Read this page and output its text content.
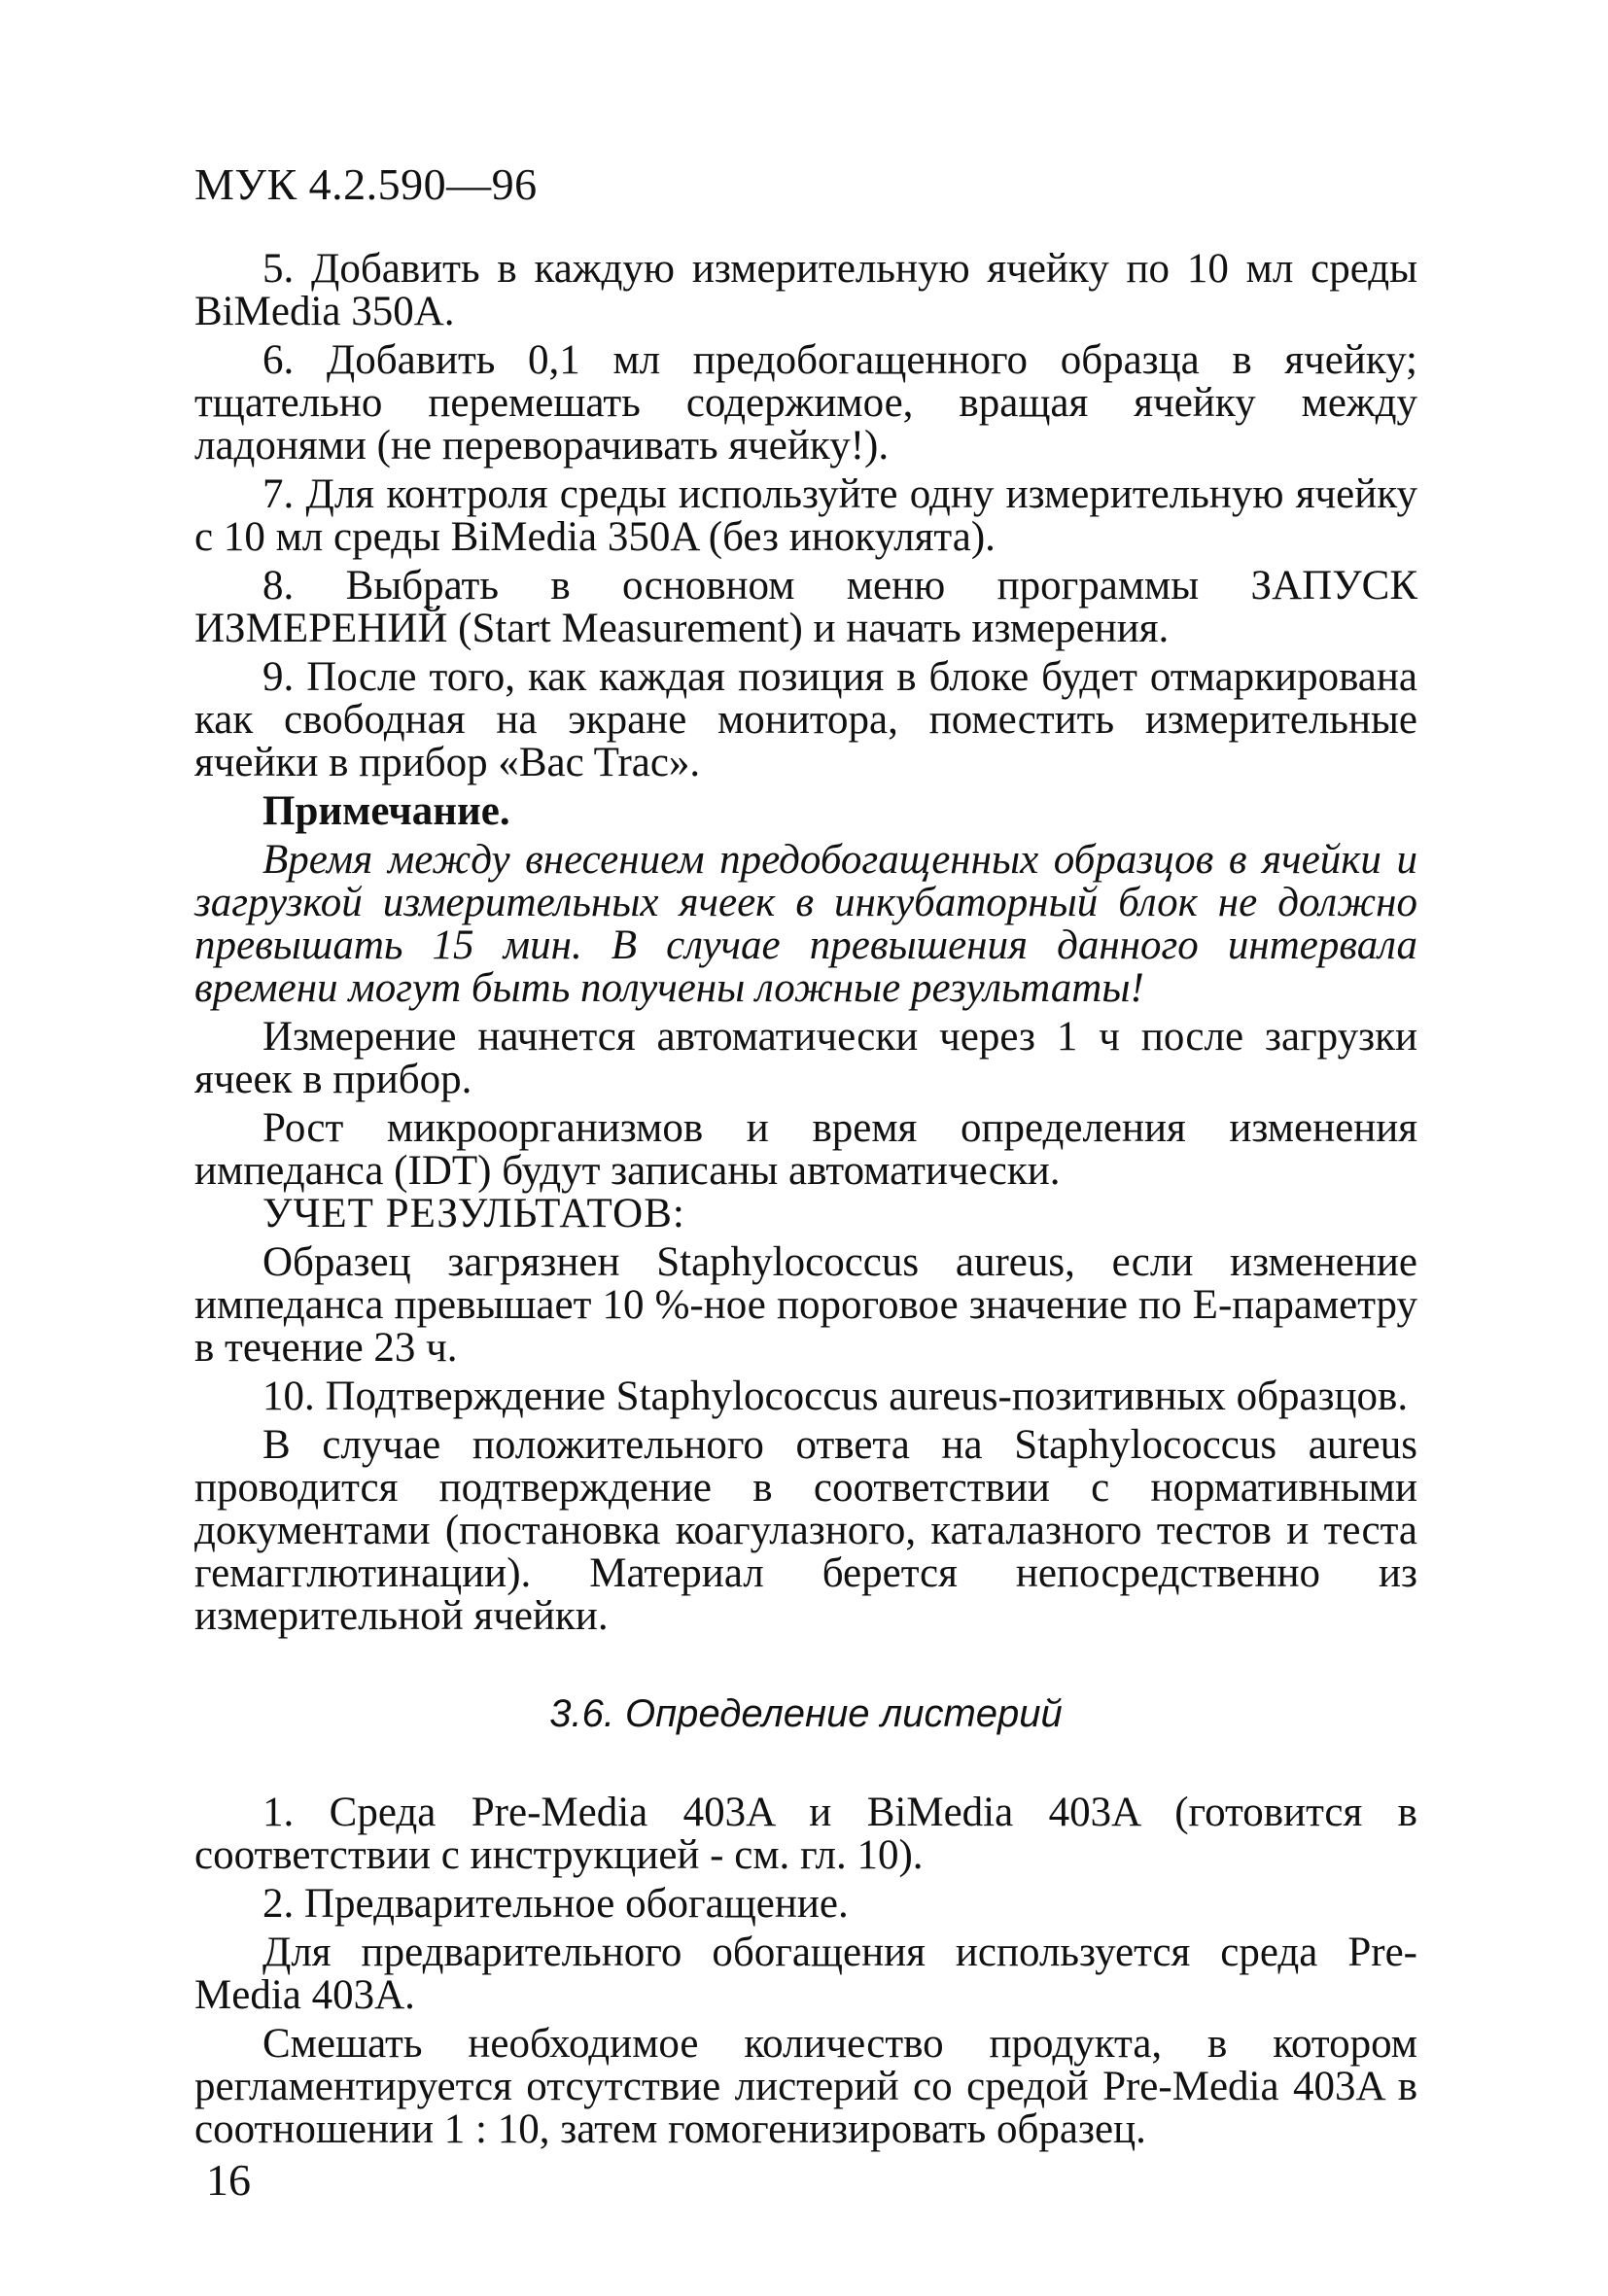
МУК 4.2.590—96

5. Добавить в каждую измерительную ячейку по 10 мл среды BiMedia 350A.

6. Добавить 0,1 мл предобогащенного образца в ячейку; тщательно перемешать содержимое, вращая ячейку между ладонями (не переворачивать ячейку!).

7. Для контроля среды используйте одну измерительную ячейку с 10 мл среды BiMedia 350A (без инокулята).

8. Выбрать в основном меню программы ЗАПУСК ИЗМЕРЕНИЙ (Start Measurement) и начать измерения.

9. После того, как каждая позиция в блоке будет отмаркирована как свободная на экране монитора, поместить измерительные ячейки в прибор «Bac Trac».

Примечание.

Время между внесением предобогащенных образцов в ячейки и загрузкой измерительных ячеек в инкубаторный блок не должно превышать 15 мин. В случае превышения данного интервала времени могут быть получены ложные результаты!

Измерение начнется автоматически через 1 ч после загрузки ячеек в прибор.

Рост микроорганизмов и время определения изменения импеданса (IDT) будут записаны автоматически.

УЧЕТ РЕЗУЛЬТАТОВ:

Образец загрязнен Staphylococcus aureus, если изменение импеданса превышает 10 %-ное пороговое значение по E-параметру в течение 23 ч.

10. Подтверждение Staphylococcus aureus-позитивных образцов.

В случае положительного ответа на Staphylococcus aureus проводится подтверждение в соответствии с нормативными документами (постановка коагулазного, каталазного тестов и теста гемагглютинации). Материал берется непосредственно из измерительной ячейки.

3.6. Определение листерий

1. Среда Pre-Media 403A и BiMedia 403A (готовится в соответствии с инструкцией - см. гл. 10).

2. Предварительное обогащение.

Для предварительного обогащения используется среда Pre-Media 403A.

Смешать необходимое количество продукта, в котором регламентируется отсутствие листерий со средой Pre-Media 403A в соотношении 1 : 10, затем гомогенизировать образец.

16
